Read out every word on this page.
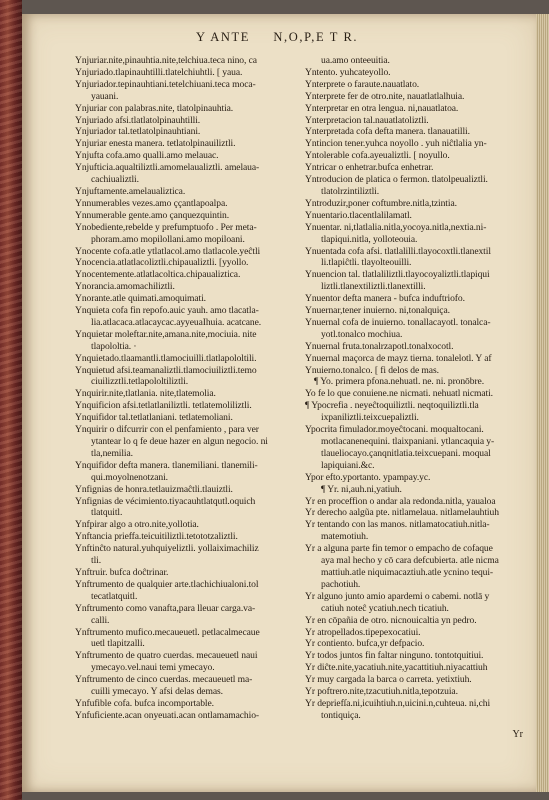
Y ANTE N,O,P,E T R.
Ynjuriar.nite,pinauhtia.nite,telchiua.teca nino, ca
Ynjuriado.tlapinauhtilli.tlatelchiuhtli. [ yaua.
Ynjuriador.tepinauhtiani.tetelchiuani.teca moca-
yauani.
Ynjuriar con palabras.nite, tlatolpinauhtia.
Ynjuriado afsi.tlatlatolpinauhtilli.
Ynjuriador tal.tetlatolpinauhtiani.
Ynjuriar enesta manera. tetlatolpinauiliztli.
Ynjufta cofa.amo qualli.amo melauac.
Ynjufticia.aqualtiliztli.amomelaualiztli. amelaua-
cachiualiztli.
Ynjuftamente.amelaualiztica.
Ynnumerables vezes.amo ççantlapoalpa.
Ynnumerable gente.amo çanquezquintin.
Ynobediente,rebelde y prefumptuofo . Per meta-
phoram.amo mopilollani.amo mopiloani.
Ynocente cofa.atle ytlatlacol.amo tlatlacole.yeĉtli
Ynocencia.atlatlacoliztli.chipaualiztli. [yyollo.
Ynocentemente.atlatlacoltica.chipaualiztica.
Ynorancia.amomachiliztli.
Ynorante.atle quimati.amoquimati.
Ynquieta cofa fin repofo.auic yauh. amo tlacatla-
lia.atlacaca.atlacaycac.ayyeuaIhuia. acatcane.
Ynquietar moleftar.nite,amana.nite,mociuia. nite
tlapololtia. ·
Ynquietado.tlaamantli.tlamociuilli.tlatlapololtili.
Ynquietud afsi.teamanaliztli.tlamociuiliztli.temo
ciuilizztli.tetlapololtiliztli.
Ynquirir.nite,tlatlania. nite,tlatemolia.
Ynquificion afsi.tetlatlaniliztli. tetlatemoliliztli.
Ynquifidor tal.tetlatlaniani. tetlatemoliani.
Ynquirir o difcurrir con el penfamiento , para ver
ytantear lo q fe deue hazer en algun negocio. ni
tla,nemilia.
Ynquifidor defta manera. tlanemiliani. tlanemili-
qui.moyolnenotzani.
Ynfignias de honra.tetlauizmaĉtli.tlauiztli.
Ynfignias de vécimiento.tiyacauhtlatqutl.oquich
tlatquitl.
Ynfpirar algo a otro.nite,yollotia.
Ynftancia prieffa.teicuitiliztli.tetototzaliztli.
Ynftinĉto natural.yuhquiyeliztli. yollaiximachiliz
tli.
Ynftruir. bufca doĉtrinar.
Ynftrumento de qualquier arte.tlachichiualoni.tol
tecatlatquitl.
Ynftrumento como vanafta,para lleuar carga.va-
calli.
Ynftrumento mufico.mecaueuetl. petlacalmecaue
uetl tlapitzalli.
Ynftrumento de quatro cuerdas. mecaueuetl naui
ymecayo.vel.naui temi ymecayo.
Ynftrumento de cinco cuerdas. mecaueuetl ma-
cuilli ymecayo. Y afsi delas demas.
Ynfufible cofa. bufca incomportable.
Ynfuficiente.acan onyeuati.acan ontlamamachio-
ua.amo onteeuitia.
Yntento. yuhcateyollo.
Ynterprete o faraute.nauatlato.
Ynterprete fer de otro.nite, nauatlatlalhuia.
Ynterpretar en otra lengua. ni,nauatlatoa.
Ynterpretacion tal.nauatlatoliztli.
Ynterpretada cofa defta manera. tlanauatilli.
Yntincion tener.yuhca noyollo . yuh niĉtlalia yn-
Yntolerable cofa.ayeualiztli. [ noyullo.
Yntricar o enhetrar.bufca enhetrar.
Yntroducion de platica o fermon. tlatolpeualiztli.
tlatolrzintiliztli.
Yntroduzir,poner coftumbre.nitla,tzintia.
Ynuentario.tlacentlalilamatl.
Ynuentar. ni,tlatlalia.nitla,yocoya.nitla,nextia.ni-
tlapiqui.nitla, yolloteouia.
Ynuentada cofa afsi. tlatlalilli.tlayocoxtli.tlanextil
li.tlapiĉtli. tlayolteouilli.
Ynuencion tal. tlatlaliliztli.tlayocoyaliztli.tlapiqui
liztli.tlanextiliztli.tlanextilli.
Ynuentor defta manera - bufca induftriofo.
Ynuernar,tener inuierno. ni,tonalquiça.
Ynuernal cofa de inuierno. tonallacayotl. tonalca-
yotl.tonalco mochiua.
Ynuernal fruta.tonalrzapotl.tonalxocotl.
Ynuernal maçorca de mayz tierna. tonalelotl. Y af
Ynuierno.tonalco. [ fi delos de mas.
¶ Yo. primera pfona.nehuatl. ne. ni. pronōbre.
Yo fe lo que conuiene.ne nicmati. nehuatl nicmati.
¶ Ypocrefia . neyeĉtoquiliztli. neqtoquiliztli.tla
ixpaniliztli.teixcuepaliztli.
Ypocrita fimulador.moyeĉtocani. moqualtocani.
motlacanenequini. tlaixpaniani. ytlancaquia y-
tlaueliocayo.çanqnitlatia.teixcuepani. moqual
lapiquiani.&c.
Ypor efto.yportanto. ypampay.yc.
¶ Yr. ni,auh.ni,yatiuh.
Yr en proceffion o andar ala redonda.nitla, yaualoa
Yr derecho aalgũa pte. nitlamelaua. nitlamelauhtiuh
Yr tentando con las manos. nitlamatocatiuh.nitla-
matemotiuh.
Yr a alguna parte fin temor o empacho de cofaque
aya mal hecho y cō cara defcubierta. atle nicma
mattiuh.atle niquimacaztiuh.atle ycnino tequi-
pachotiuh.
Yr alguno junto amio apardemi o cabemi. notlā y
catiuh noteĉ ycatiuh.nech ticatiuh.
Yr en cōpañia de otro. nicnouicaltia yn pedro.
Yr atropellados.tipepexocatiui.
Yr contiento. bufca,yr defpacio.
Yr todos juntos fin faltar ninguno. tontotquitiui.
Yr diĉte.nite,yacatiuh.nite,yacattitiuh.niyacattiuh
Yr muy cargada la barca o carreta. yetixtiuh.
Yr poftrero.nite,tzacutiuh.nitla,tepotzuia.
Yr depriefſa.ni,icuihtiuh.n,uicini.n,cuhteua. ni,chi
tontiquiça.
Yr
